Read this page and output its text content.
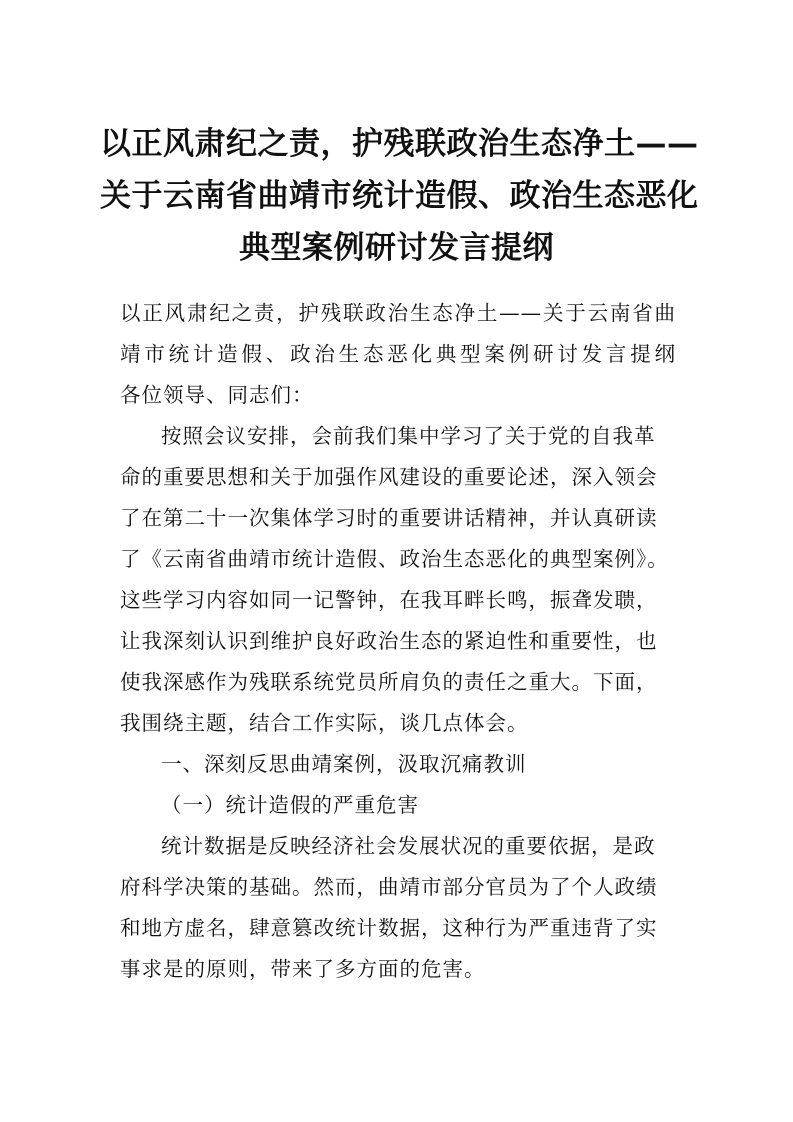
以正风肃纪之责，护残联政治生态净土——
关于云南省曲靖市统计造假、政治生态恶化
典型案例研讨发言提纲

以正风肃纪之责，护残联政治生态净土——关于云南省曲靖市统计造假、政治生态恶化典型案例研讨发言提纲　　各位领导、同志们：

按照会议安排，会前我们集中学习了关于党的自我革命的重要思想和关于加强作风建设的重要论述，深入领会了在第二十一次集体学习时的重要讲话精神，并认真研读了《云南省曲靖市统计造假、政治生态恶化的典型案例》。这些学习内容如同一记警钟，在我耳畔长鸣，振聋发聩，让我深刻认识到维护良好政治生态的紧迫性和重要性，也使我深感作为残联系统党员所肩负的责任之重大。下面，我围绕主题，结合工作实际，谈几点体会。

一、深刻反思曲靖案例，汲取沉痛教训

（一）统计造假的严重危害

统计数据是反映经济社会发展状况的重要依据，是政府科学决策的基础。然而，曲靖市部分官员为了个人政绩和地方虚名，肆意篡改统计数据，这种行为严重违背了实事求是的原则，带来了多方面的危害。
